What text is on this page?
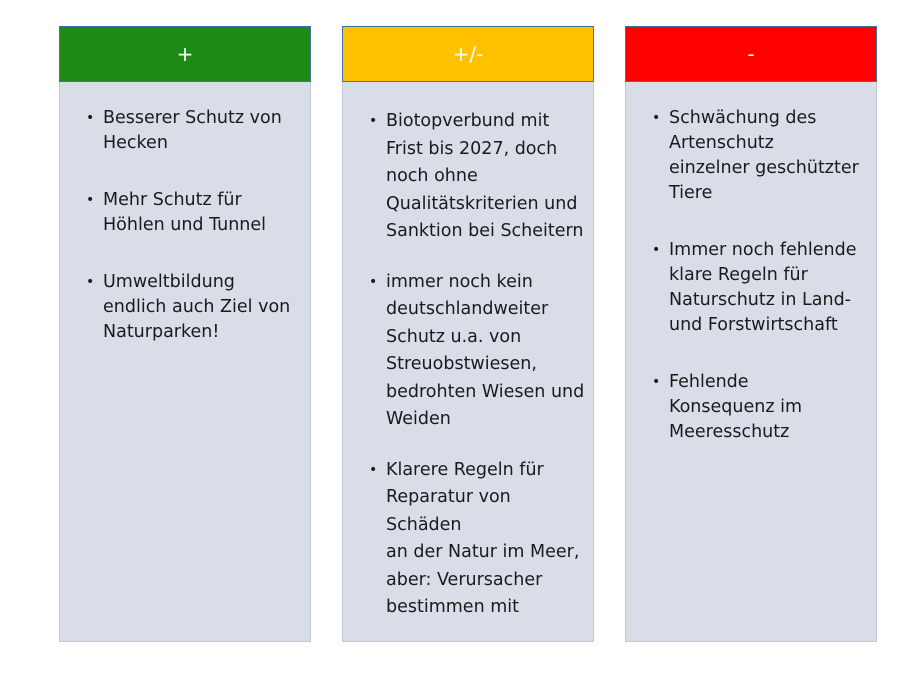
+
• Besserer Schutz von
Hecken
• Mehr Schutz für
Höhlen und Tunnel
• Umweltbildung
endlich auch Ziel von
Naturparken!
+/-
• Biotopverbund mit
Frist bis 2027, doch
noch ohne
Qualitätskriterien und
Sanktion bei Scheitern
• immer noch kein
deutschlandweiter
Schutz u.a. von
Streuobstwiesen,
bedrohten Wiesen und
Weiden
• Klarere Regeln für
Reparatur von Schäden
an der Natur im Meer,
aber: Verursacher
bestimmen mit
-
• Schwächung des
Artenschutz
einzelner geschützter
Tiere
• Immer noch fehlende
klare Regeln für
Naturschutz in Land-
und Forstwirtschaft
• Fehlende
Konsequenz im
Meeresschutz
